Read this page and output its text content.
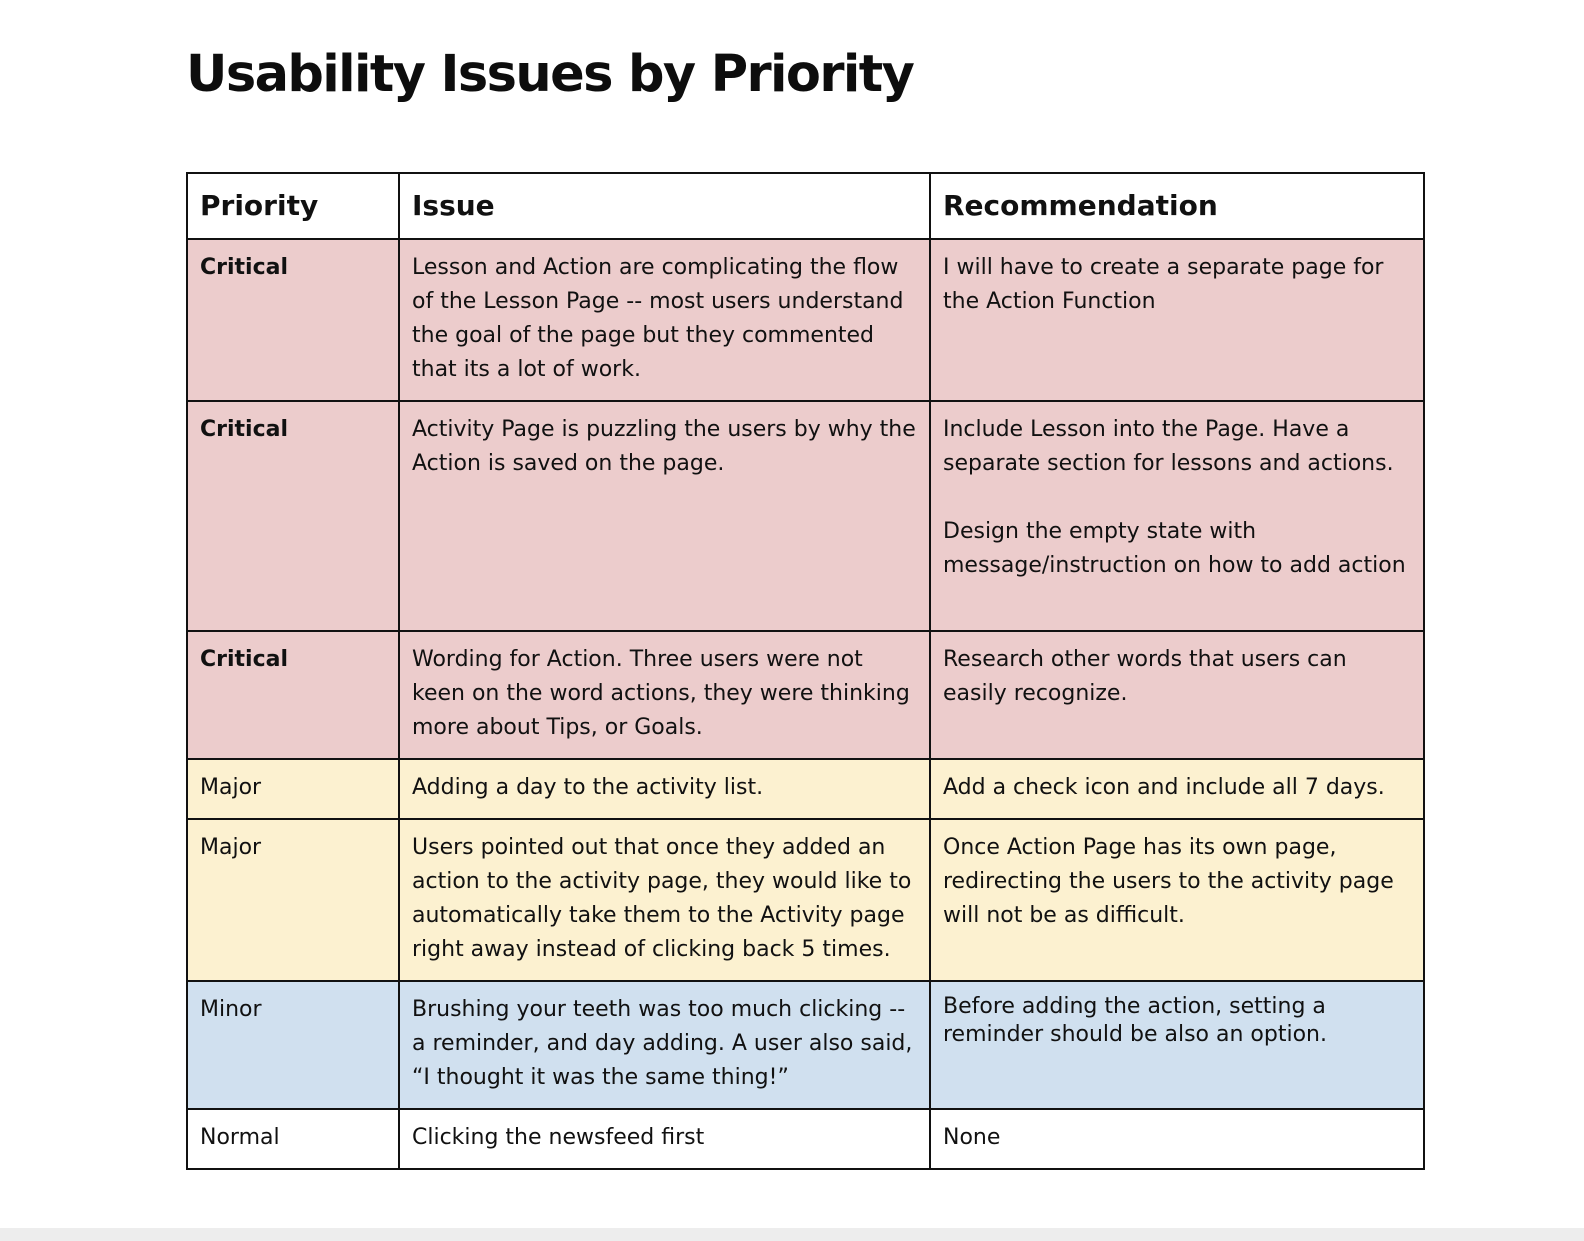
Usability Issues by Priority
Priority	Issue	Recommendation
Critical	Lesson and Action are complicating the flow of the Lesson Page -- most users understand the goal of the page but they commented that its a lot of work.	I will have to create a separate page for the Action Function
Critical	Activity Page is puzzling the users by why the Action is saved on the page.	Include Lesson into the Page. Have a separate section for lessons and actions.

Design the empty state with message/instruction on how to add action
Critical	Wording for Action. Three users were not keen on the word actions, they were thinking more about Tips, or Goals.	Research other words that users can easily recognize.
Major	Adding a day to the activity list.	Add a check icon and include all 7 days.
Major	Users pointed out that once they added an action to the activity page, they would like to automatically take them to the Activity page right away instead of clicking back 5 times.	Once Action Page has its own page, redirecting the users to the activity page will not be as difficult.
Minor	Brushing your teeth was too much clicking -- a reminder, and day adding. A user also said, “I thought it was the same thing!”	Before adding the action, setting a reminder should be also an option.
Normal	Clicking the newsfeed first	None
